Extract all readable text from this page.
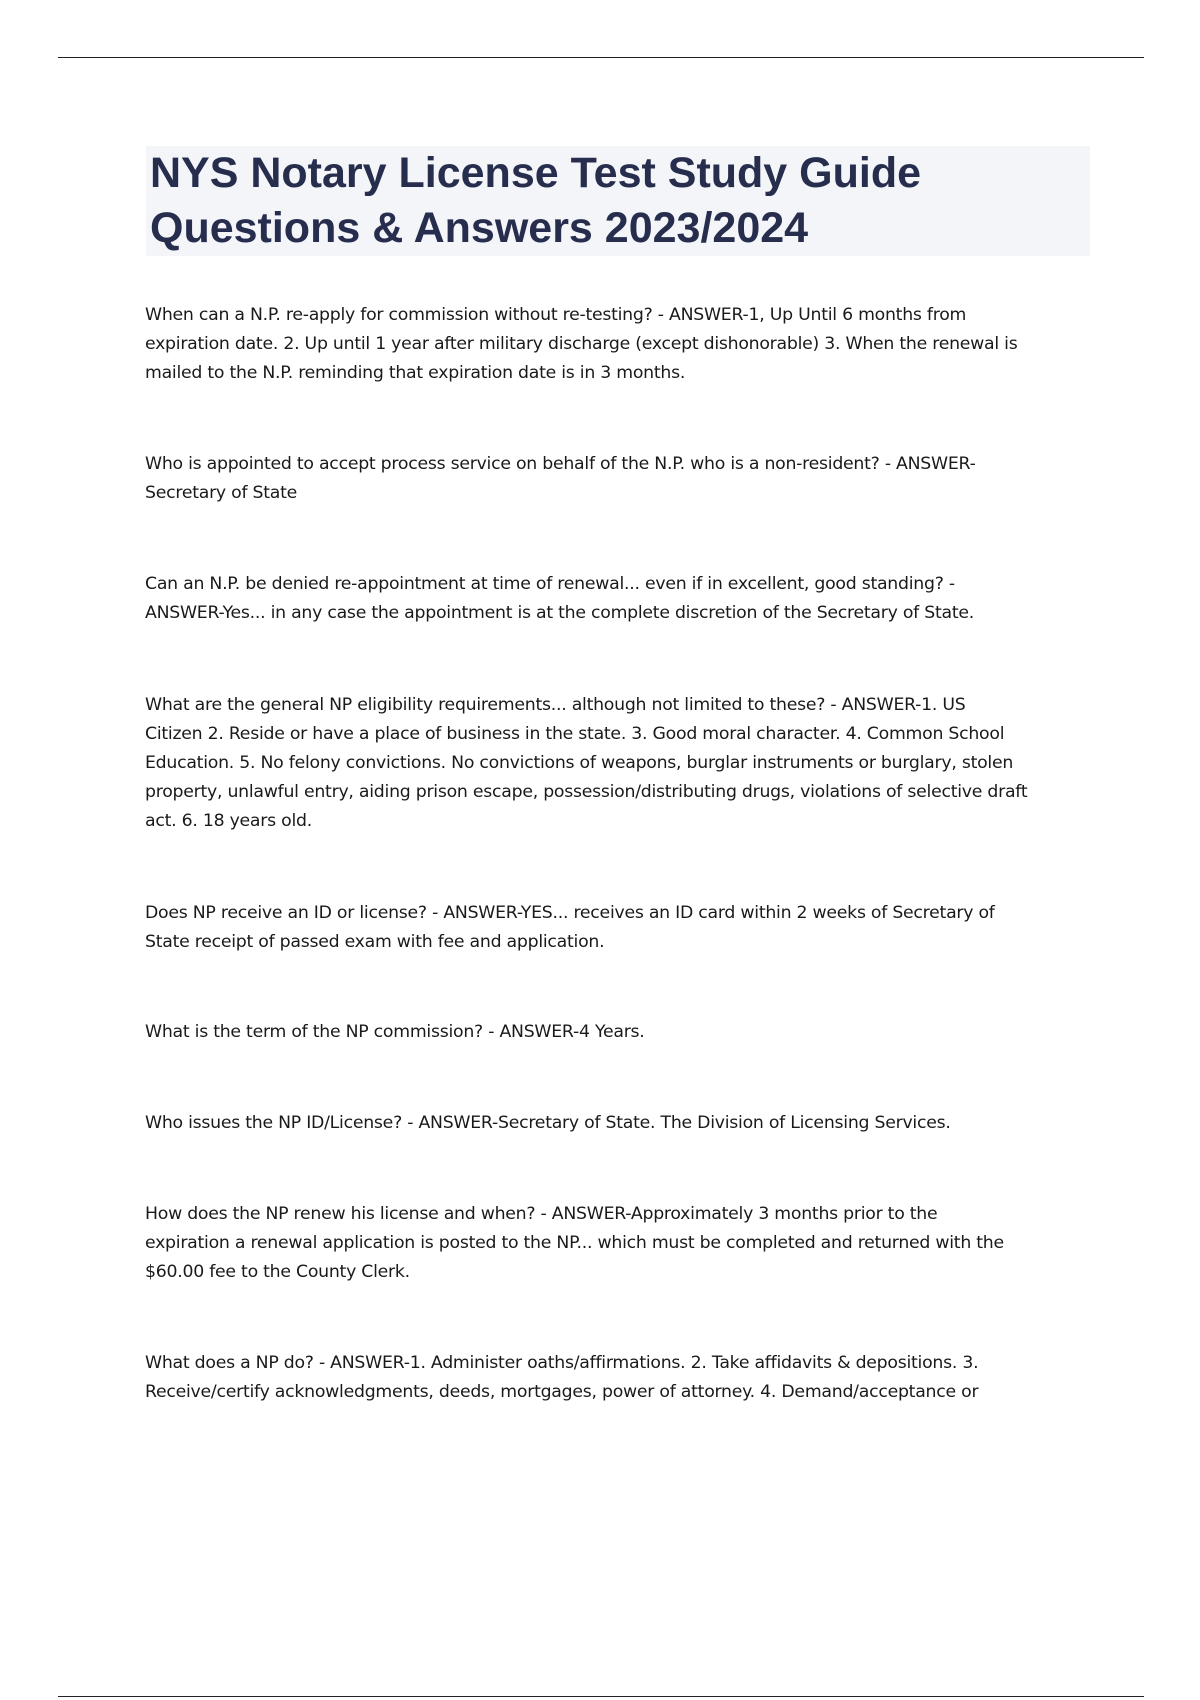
NYS Notary License Test Study Guide
Questions & Answers 2023/2024
When can a N.P. re-apply for commission without re-testing? - ANSWER-1, Up Until 6 months from
expiration date. 2. Up until 1 year after military discharge (except dishonorable) 3. When the renewal is
mailed to the N.P. reminding that expiration date is in 3 months.
Who is appointed to accept process service on behalf of the N.P. who is a non-resident? - ANSWER-
Secretary of State
Can an N.P. be denied re-appointment at time of renewal... even if in excellent, good standing? -
ANSWER-Yes... in any case the appointment is at the complete discretion of the Secretary of State.
What are the general NP eligibility requirements... although not limited to these? - ANSWER-1. US
Citizen 2. Reside or have a place of business in the state. 3. Good moral character. 4. Common School
Education. 5. No felony convictions. No convictions of weapons, burglar instruments or burglary, stolen
property, unlawful entry, aiding prison escape, possession/distributing drugs, violations of selective draft
act. 6. 18 years old.
Does NP receive an ID or license? - ANSWER-YES... receives an ID card within 2 weeks of Secretary of
State receipt of passed exam with fee and application.
What is the term of the NP commission? - ANSWER-4 Years.
Who issues the NP ID/License? - ANSWER-Secretary of State. The Division of Licensing Services.
How does the NP renew his license and when? - ANSWER-Approximately 3 months prior to the
expiration a renewal application is posted to the NP... which must be completed and returned with the
$60.00 fee to the County Clerk.
What does a NP do? - ANSWER-1. Administer oaths/affirmations. 2. Take affidavits & depositions. 3.
Receive/certify acknowledgments, deeds, mortgages, power of attorney. 4. Demand/acceptance or
